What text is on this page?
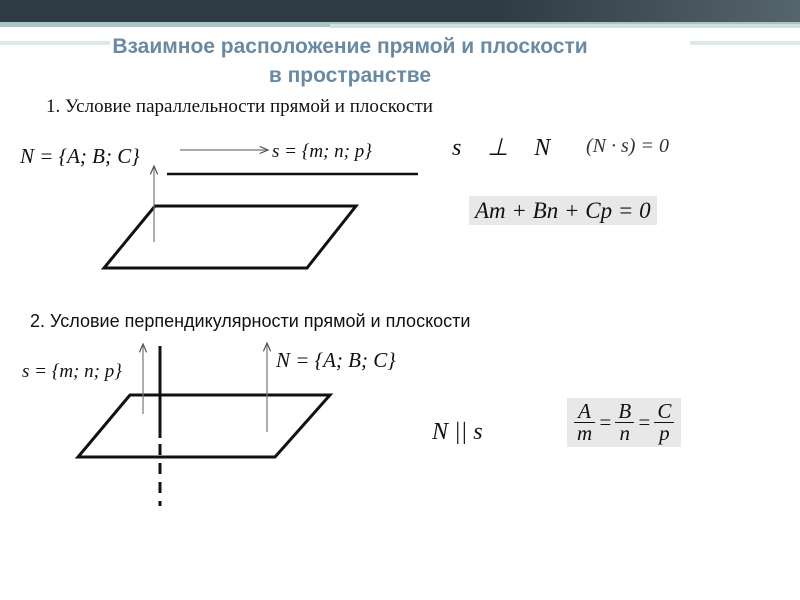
Взаимное расположение прямой и плоскости
в пространстве
1. Условие параллельности прямой и плоскости
N = {A; B; C}	s = {m; n; p}	s ⊥ N (N · s) = 0
Am + Bn + Cp = 0
2. Условие перпендикулярности прямой и плоскости
s = {m; n; p}	N = {A; B; C}
N || s	$\frac{A}{m} = \frac{B}{n} = \frac{C}{p}$
